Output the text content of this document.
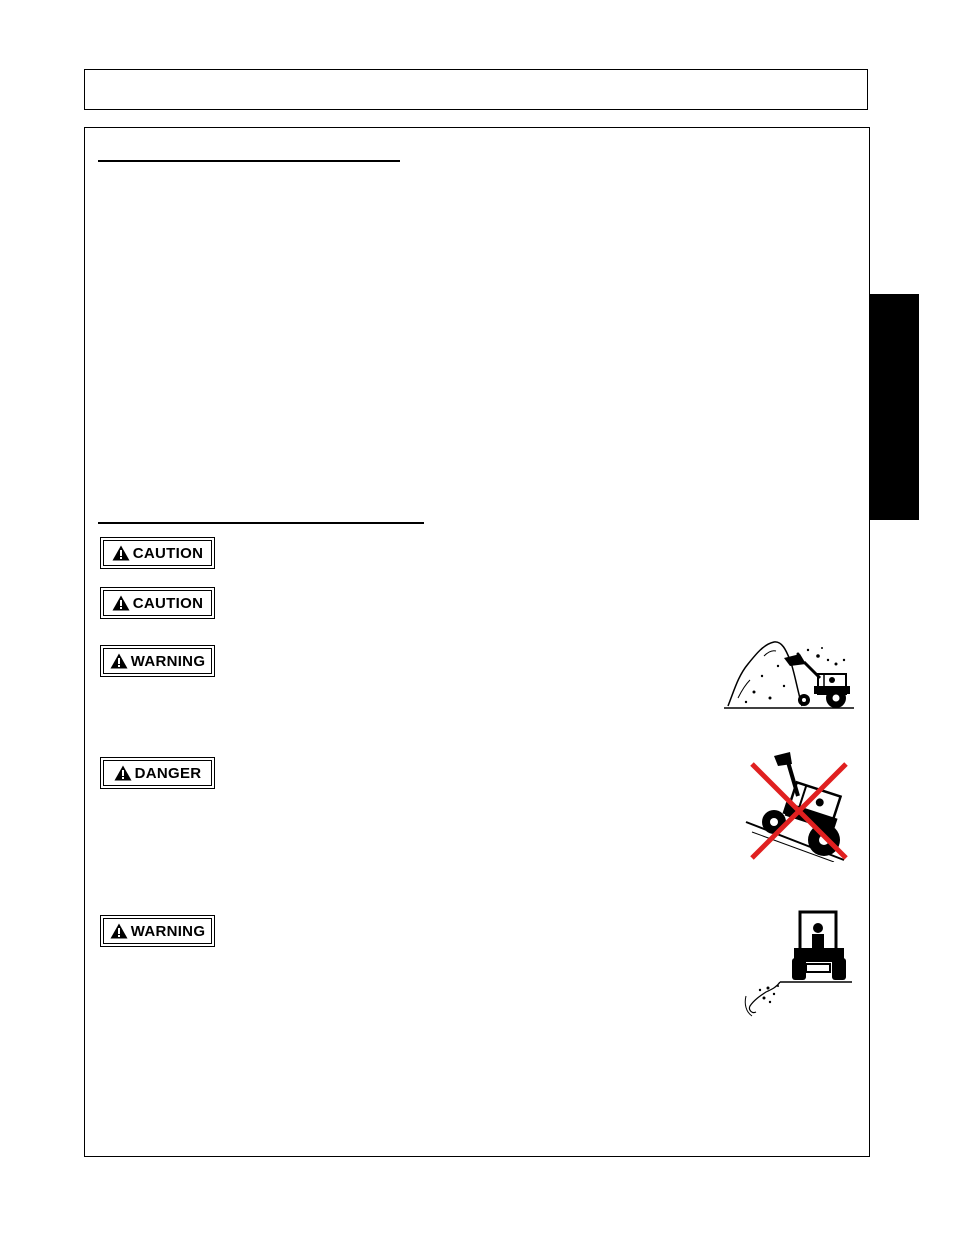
CAUTION
CAUTION
WARNING
DANGER
WARNING
